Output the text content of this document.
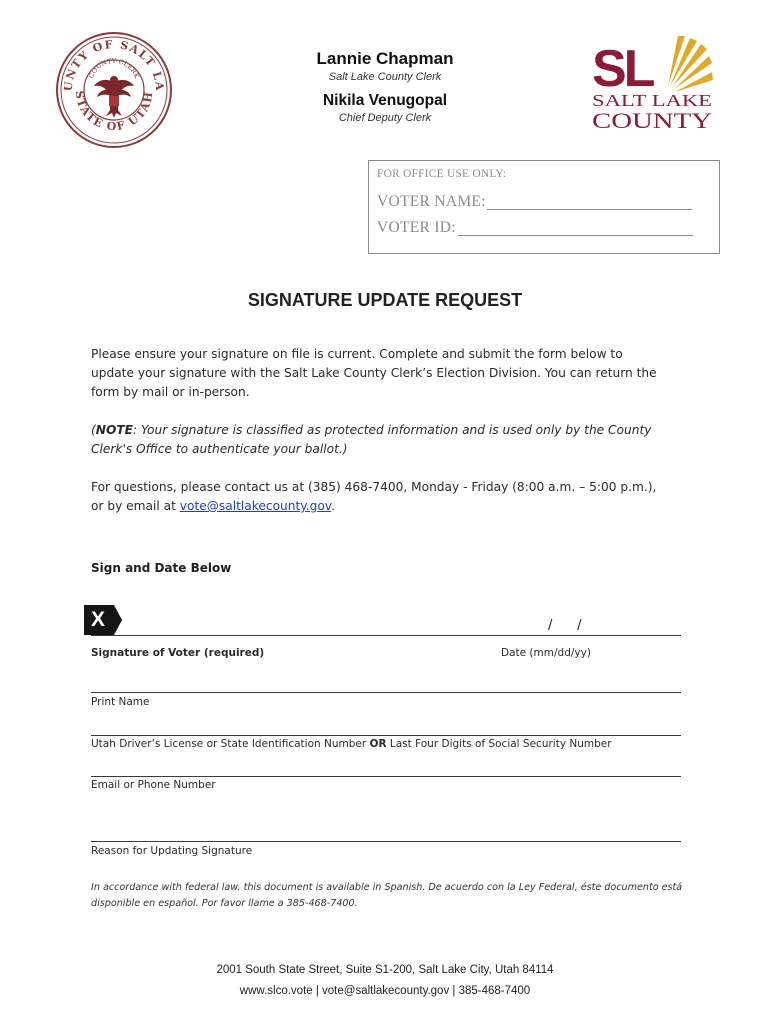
UNTY OF SALT LA
STATE OF UTAH
COUNTY CLERK
Lannie Chapman
Salt Lake County Clerk
Nikila Venugopal
Chief Deputy Clerk
SL
SALT LAKE
COUNTY
FOR OFFICE USE ONLY:
VOTER NAME:
VOTER ID:
SIGNATURE UPDATE REQUEST
Please ensure your signature on file is current. Complete and submit the form below to update your signature with the Salt Lake County Clerk’s Election Division. You can return the form by mail or in-person.
(NOTE: Your signature is classified as protected information and is used only by the County Clerk's Office to authenticate your ballot.)
For questions, please contact us at (385) 468-7400, Monday - Friday (8:00 a.m. – 5:00 p.m.), or by email at vote@saltlakecounty.gov.
Sign and Date Below
X	/      /
Signature of Voter (required)	Date (mm/dd/yy)
Print Name
Utah Driver’s License or State Identification Number OR Last Four Digits of Social Security Number
Email or Phone Number
Reason for Updating Signature
In accordance with federal law, this document is available in Spanish. De acuerdo con la Ley Federal, éste documento está disponible en español. Por favor llame a 385-468-7400.
2001 South State Street, Suite S1-200, Salt Lake City, Utah 84114
www.slco.vote | vote@saltlakecounty.gov | 385-468-7400
